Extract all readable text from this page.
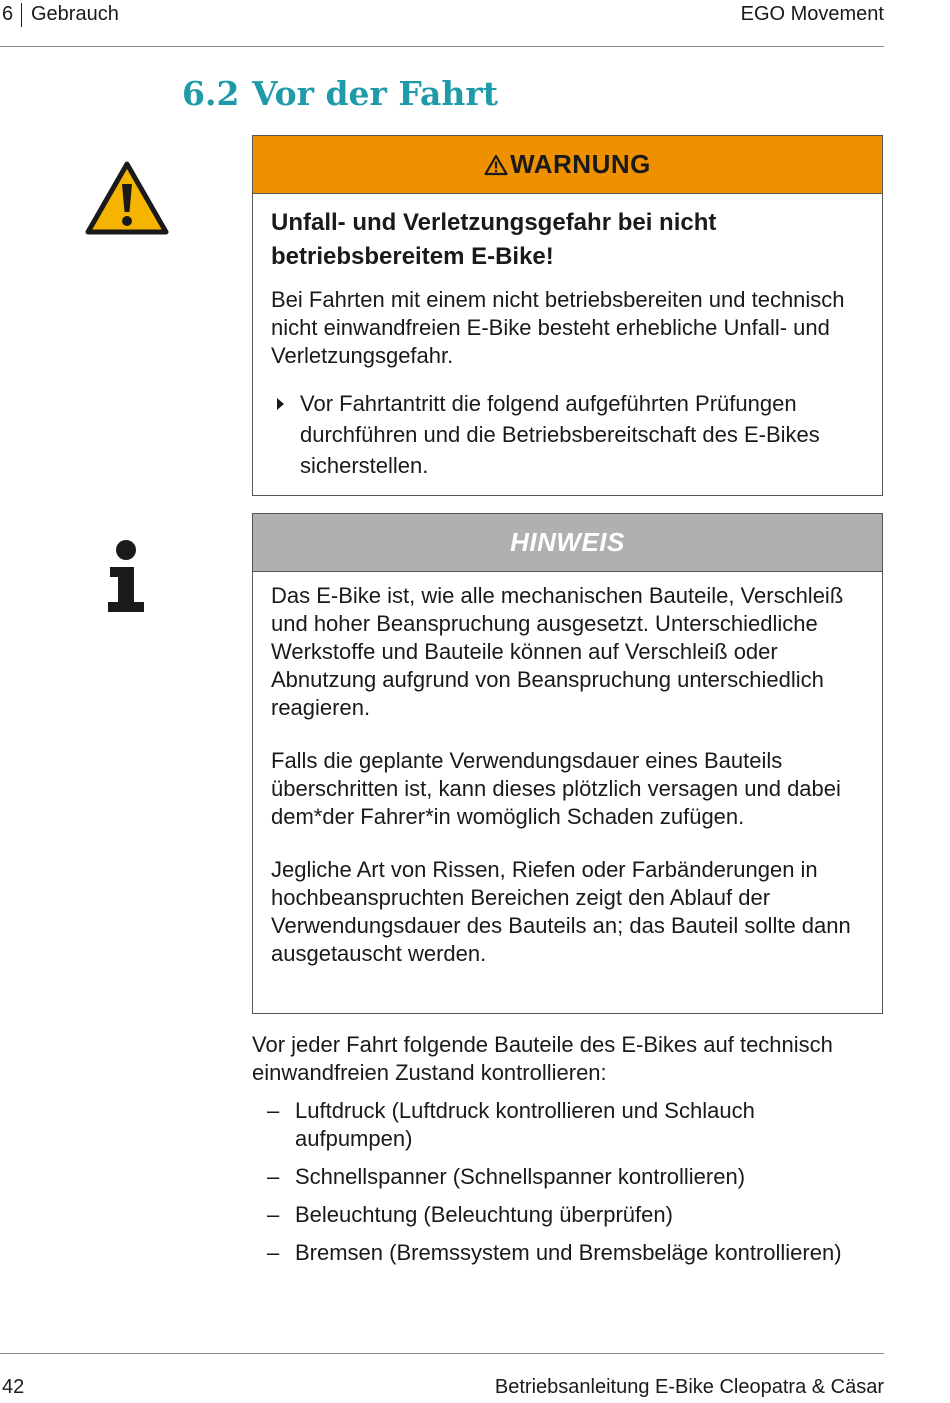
6 Gebrauch	EGO Movement
6.2 Vor der Fahrt
WARNUNG

Unfall- und Verletzungsgefahr bei nicht betriebsbereitem E-Bike!

Bei Fahrten mit einem nicht betriebsbereiten und technisch nicht einwandfreien E-Bike besteht erhebliche Unfall- und Verletzungsgefahr.

Vor Fahrtantritt die folgend aufgeführten Prüfungen durchführen und die Betriebsbereitschaft des E-Bikes sicherstellen.

HINWEIS

Das E-Bike ist, wie alle mechanischen Bauteile, Verschleiß und hoher Beanspruchung ausgesetzt. Unterschiedliche Werkstoffe und Bauteile können auf Verschleiß oder Abnutzung aufgrund von Beanspruchung unterschiedlich reagieren.

Falls die geplante Verwendungsdauer eines Bauteils überschritten ist, kann dieses plötzlich versagen und dabei dem*der Fahrer*in womöglich Schaden zufügen.

Jegliche Art von Rissen, Riefen oder Farbänderungen in hochbeanspruchten Bereichen zeigt den Ablauf der Verwendungsdauer des Bauteils an; das Bauteil sollte dann ausgetauscht werden.

Vor jeder Fahrt folgende Bauteile des E-Bikes auf technisch einwandfreien Zustand kontrollieren:

– Luftdruck (Luftdruck kontrollieren und Schlauch aufpumpen)
– Schnellspanner (Schnellspanner kontrollieren)
– Beleuchtung (Beleuchtung überprüfen)
– Bremsen (Bremssystem und Bremsbeläge kontrollieren)
42	Betriebsanleitung E-Bike Cleopatra & Cäsar
